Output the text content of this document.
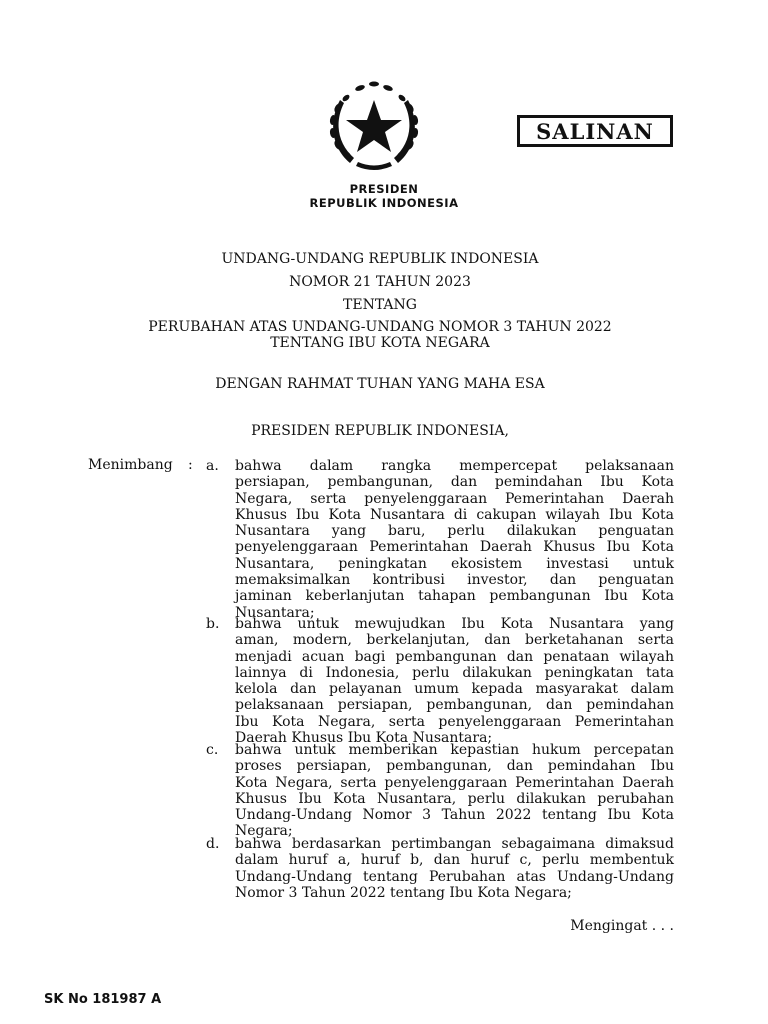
SALINAN
PRESIDEN
REPUBLIK INDONESIA
UNDANG-UNDANG REPUBLIK INDONESIA
NOMOR 21 TAHUN 2023
TENTANG
PERUBAHAN ATAS UNDANG-UNDANG NOMOR 3 TAHUN 2022
TENTANG IBU KOTA NEGARA
DENGAN RAHMAT TUHAN YANG MAHA ESA
PRESIDEN REPUBLIK INDONESIA,
Menimbang : a. bahwa dalam rangka mempercepat pelaksanaan
persiapan, pembangunan, dan pemindahan Ibu Kota
Negara, serta penyelenggaraan Pemerintahan Daerah
Khusus Ibu Kota Nusantara di cakupan wilayah Ibu Kota
Nusantara yang baru, perlu dilakukan penguatan
penyelenggaraan Pemerintahan Daerah Khusus Ibu Kota
Nusantara, peningkatan ekosistem investasi untuk
memaksimalkan kontribusi investor, dan penguatan
jaminan keberlanjutan tahapan pembangunan Ibu Kota
Nusantara;
b. bahwa untuk mewujudkan Ibu Kota Nusantara yang
aman, modern, berkelanjutan, dan berketahanan serta
menjadi acuan bagi pembangunan dan penataan wilayah
lainnya di Indonesia, perlu dilakukan peningkatan tata
kelola dan pelayanan umum kepada masyarakat dalam
pelaksanaan persiapan, pembangunan, dan pemindahan
Ibu Kota Negara, serta penyelenggaraan Pemerintahan
Daerah Khusus Ibu Kota Nusantara;
c. bahwa untuk memberikan kepastian hukum percepatan
proses persiapan, pembangunan, dan pemindahan Ibu
Kota Negara, serta penyelenggaraan Pemerintahan Daerah
Khusus Ibu Kota Nusantara, perlu dilakukan perubahan
Undang-Undang Nomor 3 Tahun 2022 tentang Ibu Kota
Negara;
d. bahwa berdasarkan pertimbangan sebagaimana dimaksud
dalam huruf a, huruf b, dan huruf c, perlu membentuk
Undang-Undang tentang Perubahan atas Undang-Undang
Nomor 3 Tahun 2022 tentang Ibu Kota Negara;
Mengingat . . .
SK No 181987 A
